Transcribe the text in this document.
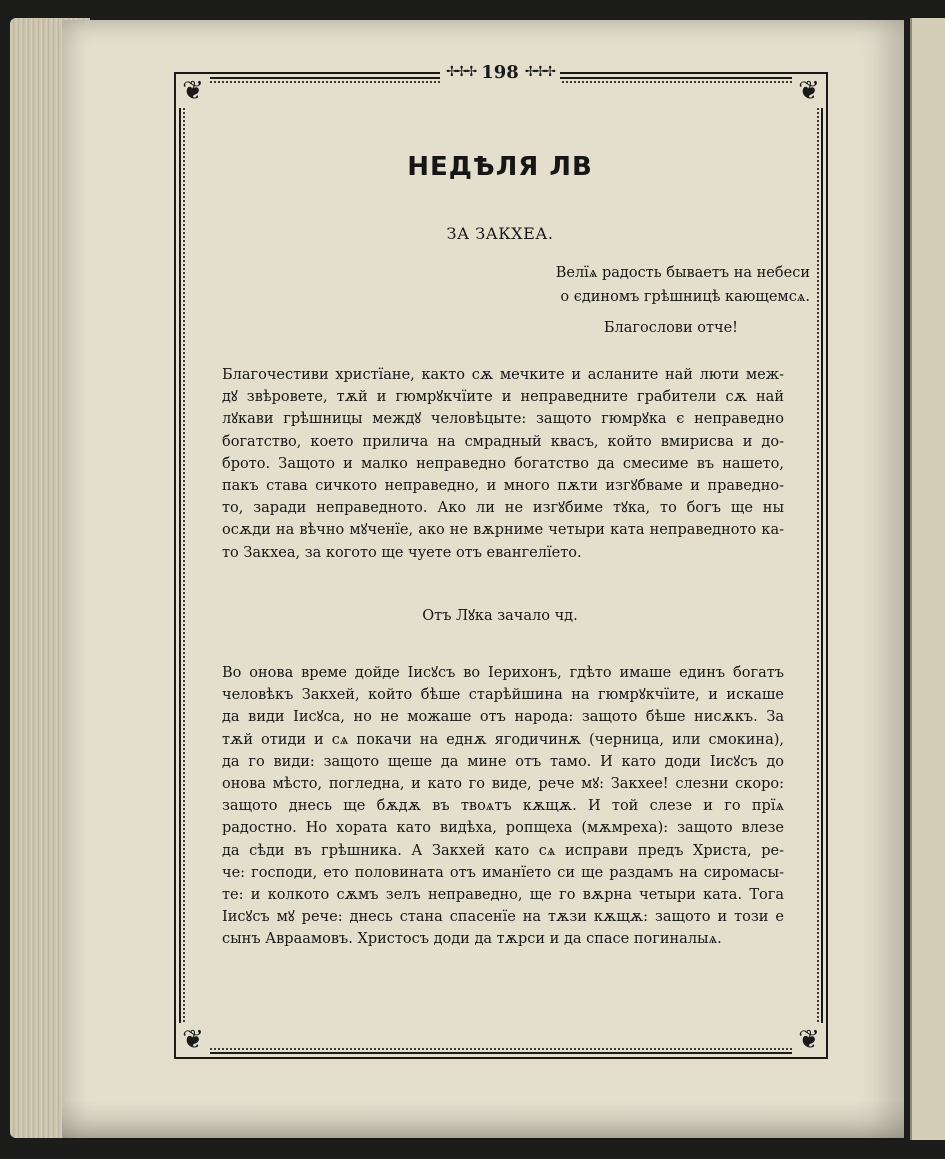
❦	❦
❦	❦
✢✢✢ 198 ✢✢✢
НЕДѢЛЯ ЛВ
ЗА ЗАКХЕА.
Велїѧ радость бываетъ на небеси
о єдиномъ грѣшницѣ кающемсѧ.
Благослови отче!
Благочестиви христїане, както сѫ мечките и асланите най люти меж-
дꙋ звѣровете, тѫй и гюмрꙋкчїите и неправедните грабители сѫ най
лꙋкави грѣшницы междꙋ человѣцыте: защото гюмрꙋка є неправедно
богатство, което прилича на смрадный квасъ, който вмирисва и до-
брото. Защото и малко неправедно богатство да смесиме въ нашето,
пакъ става сичкото неправедно, и много пѫти изгꙋбваме и праведно-
то, заради неправедното. Ако ли не изгꙋбиме тꙋка, то богъ ще ны
осѫди на вѣчно мꙋченїе, ако не вѫрниме четыри ката неправедното ка-
то Закхеа, за когото ще чуете отъ евангелїето.
Отъ Лꙋка зачало чд.
Во онова време дойде Iисꙋсъ во Iерихонъ, гдѣто имаше единъ богатъ
человѣкъ Закхей, който бѣше старѣйшина на гюмрꙋкчїите, и искаше
да види Iисꙋса, но не можаше отъ народа: защото бѣше нисѫкъ. За
тѫй отиди и сѧ покачи на еднѫ ягодичинѫ (черница, или смокина),
да го види: защото щеше да мине отъ тамо. И като доди Iисꙋсъ до
онова мѣсто, погледна, и като го виде, рече мꙋ: Закхее! слезни скоро:
защото днесь ще бѫдѫ въ твоѧтъ кѫщѫ. И той слезе и го прїѧ
радостно. Но хората като видѣха, ропщеха (мѫмреха): защото влезе
да сѣди въ грѣшника. А Закхей като сѧ исправи предъ Христа, ре-
че: господи, ето половината отъ иманїето си ще раздамъ на сиромасы-
те: и колкото сѫмъ зелъ неправедно, ще го вѫрна четыри ката. Тога
Iисꙋсъ мꙋ рече: днесь стана спасенїе на тѫзи кѫщѫ: защото и този е
сынъ Авраамовъ. Христосъ доди да тѫрси и да спасе погиналыѧ.
